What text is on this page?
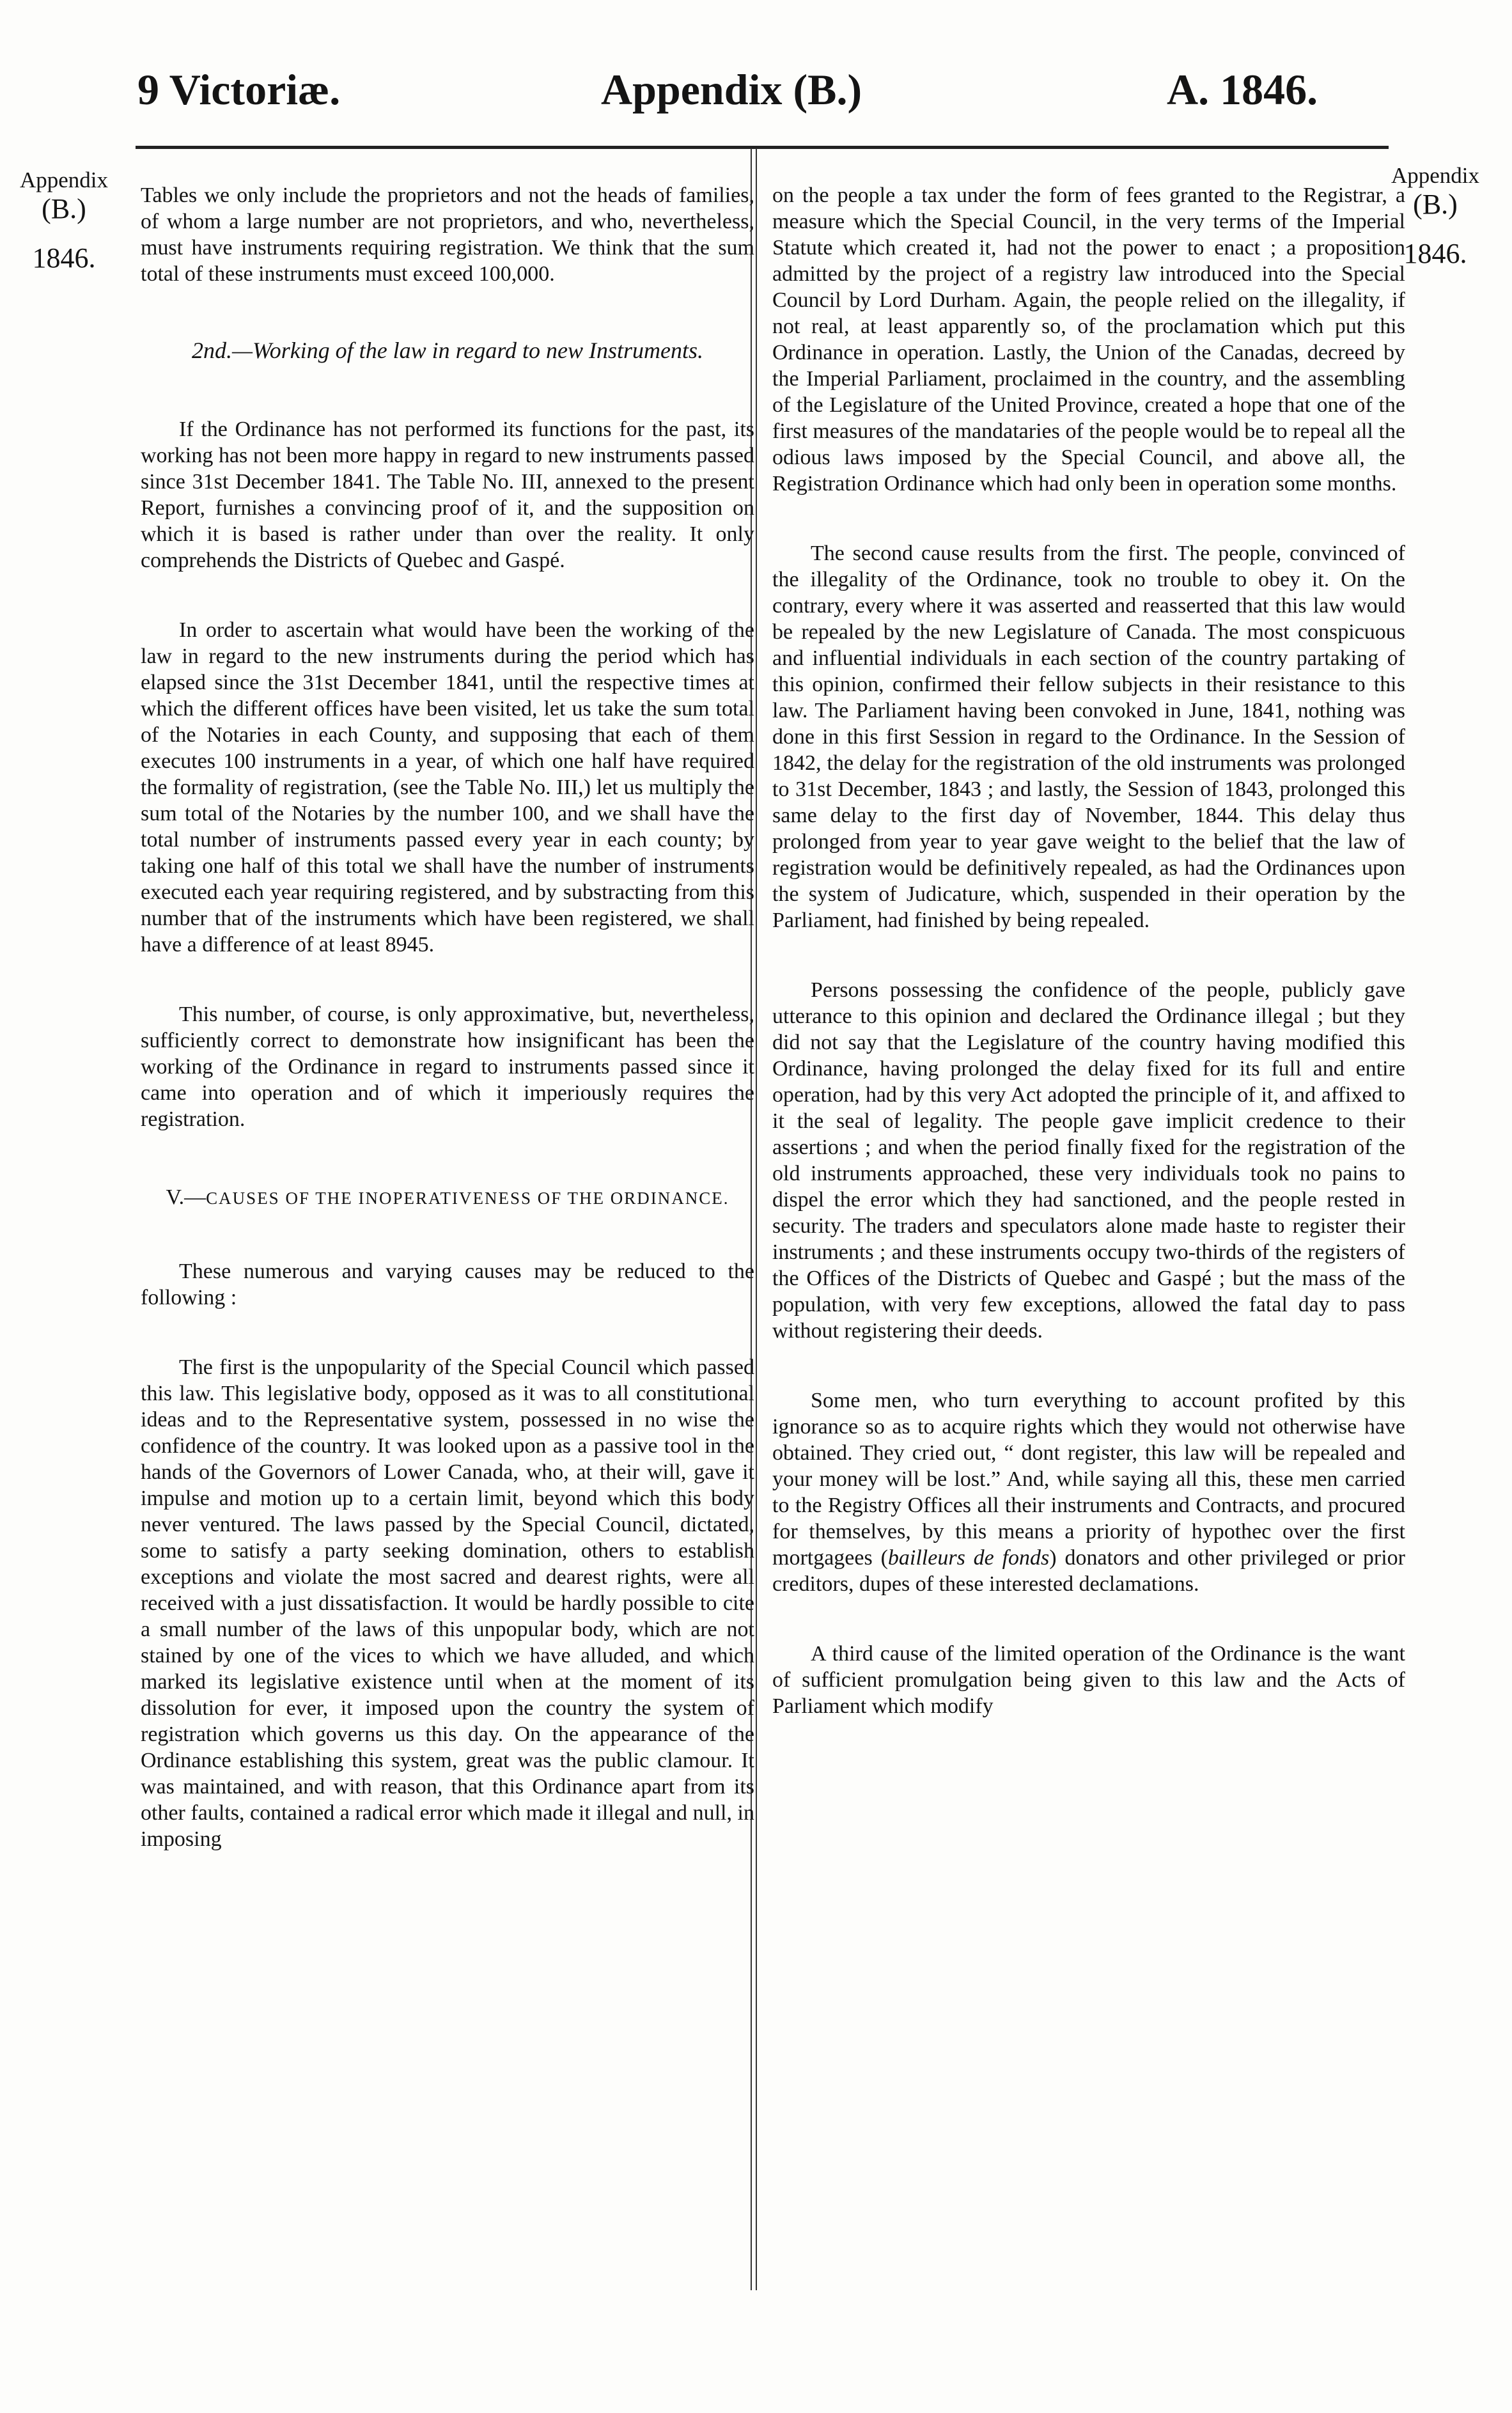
9 Victoriæ.	Appendix (B.)	A. 1846.
Appendix
(B.)
1846.
Appendix
(B.)
1846.

Tables we only include the proprietors and not the heads of families, of whom a large number are not proprietors, and who, nevertheless, must have instruments requiring registration. We think that the sum total of these instruments must exceed 100,000.

2nd.—Working of the law in regard to new Instruments.

If the Ordinance has not performed its functions for the past, its working has not been more happy in regard to new instruments passed since 31st December 1841. The Table No. III, annexed to the present Report, furnishes a convincing proof of it, and the supposition on which it is based is rather under than over the reality. It only comprehends the Districts of Quebec and Gaspé.

In order to ascertain what would have been the working of the law in regard to the new instruments during the period which has elapsed since the 31st December 1841, until the respective times at which the different offices have been visited, let us take the sum total of the Notaries in each County, and supposing that each of them executes 100 instruments in a year, of which one half have required the formality of registration, (see the Table No. III,) let us multiply the sum total of the Notaries by the number 100, and we shall have the total number of instruments passed every year in each county; by taking one half of this total we shall have the number of instruments executed each year requiring registered, and by substracting from this number that of the instruments which have been registered, we shall have a difference of at least 8945.

This number, of course, is only approximative, but, nevertheless, sufficiently correct to demonstrate how insignificant has been the working of the Ordinance in regard to instruments passed since it came into operation and of which it imperiously requires the registration.

V.—CAUSES OF THE INOPERATIVENESS OF THE ORDINANCE.

These numerous and varying causes may be reduced to the following :

The first is the unpopularity of the Special Council which passed this law. This legislative body, opposed as it was to all constitutional ideas and to the Representative system, possessed in no wise the confidence of the country. It was looked upon as a passive tool in the hands of the Governors of Lower Canada, who, at their will, gave it impulse and motion up to a certain limit, beyond which this body never ventured. The laws passed by the Special Council, dictated, some to satisfy a party seeking domination, others to establish exceptions and violate the most sacred and dearest rights, were all received with a just dissatisfaction. It would be hardly possible to cite a small number of the laws of this unpopular body, which are not stained by one of the vices to which we have alluded, and which marked its legislative existence until when at the moment of its dissolution for ever, it imposed upon the country the system of registration which governs us this day. On the appearance of the Ordinance establishing this system, great was the public clamour. It was maintained, and with reason, that this Ordinance apart from its other faults, contained a radical error which made it illegal and null, in imposing

on the people a tax under the form of fees granted to the Registrar, a measure which the Special Council, in the very terms of the Imperial Statute which created it, had not the power to enact ; a proposition admitted by the project of a registry law introduced into the Special Council by Lord Durham. Again, the people relied on the illegality, if not real, at least apparently so, of the proclamation which put this Ordinance in operation. Lastly, the Union of the Canadas, decreed by the Imperial Parliament, proclaimed in the country, and the assembling of the Legislature of the United Province, created a hope that one of the first measures of the mandataries of the people would be to repeal all the odious laws imposed by the Special Council, and above all, the Registration Ordinance which had only been in operation some months.

The second cause results from the first. The people, convinced of the illegality of the Ordinance, took no trouble to obey it. On the contrary, every where it was asserted and reasserted that this law would be repealed by the new Legislature of Canada. The most conspicuous and influential individuals in each section of the country partaking of this opinion, confirmed their fellow subjects in their resistance to this law. The Parliament having been convoked in June, 1841, nothing was done in this first Session in regard to the Ordinance. In the Session of 1842, the delay for the registration of the old instruments was prolonged to 31st December, 1843 ; and lastly, the Session of 1843, prolonged this same delay to the first day of November, 1844. This delay thus prolonged from year to year gave weight to the belief that the law of registration would be definitively repealed, as had the Ordinances upon the system of Judicature, which, suspended in their operation by the Parliament, had finished by being repealed.

Persons possessing the confidence of the people, publicly gave utterance to this opinion and declared the Ordinance illegal ; but they did not say that the Legislature of the country having modified this Ordinance, having prolonged the delay fixed for its full and entire operation, had by this very Act adopted the principle of it, and affixed to it the seal of legality. The people gave implicit credence to their assertions ; and when the period finally fixed for the registration of the old instruments approached, these very individuals took no pains to dispel the error which they had sanctioned, and the people rested in security. The traders and speculators alone made haste to register their instruments ; and these instruments occupy two-thirds of the registers of the Offices of the Districts of Quebec and Gaspé ; but the mass of the population, with very few exceptions, allowed the fatal day to pass without registering their deeds.

Some men, who turn everything to account profited by this ignorance so as to acquire rights which they would not otherwise have obtained. They cried out, “ dont register, this law will be repealed and your money will be lost.” And, while saying all this, these men carried to the Registry Offices all their instruments and Contracts, and procured for themselves, by this means a priority of hypothec over the first mortgagees (bailleurs de fonds) donators and other privileged or prior creditors, dupes of these interested declamations.

A third cause of the limited operation of the Ordinance is the want of sufficient promulgation being given to this law and the Acts of Parliament which modify
